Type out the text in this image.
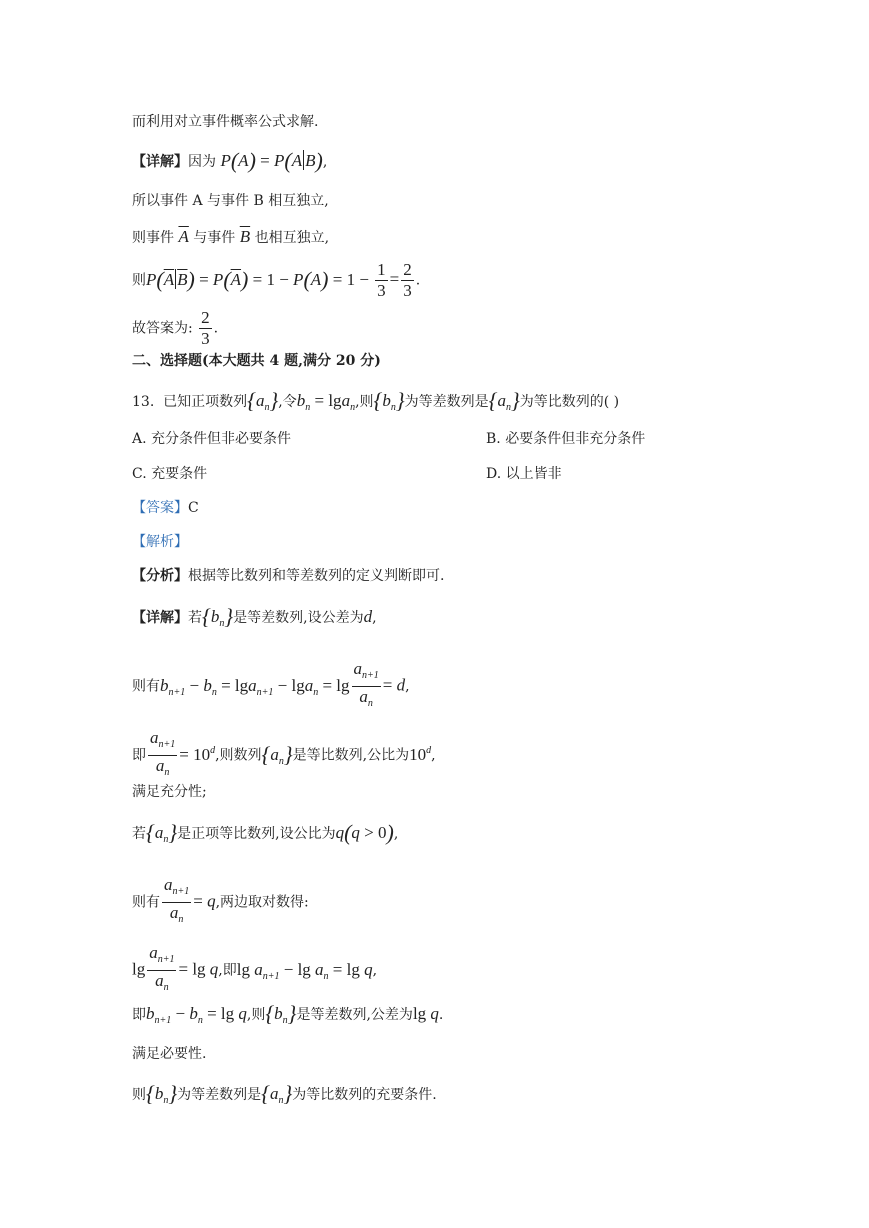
而利用对立事件概率公式求解.
【详解】因为 P(A) = P(A B),
所以事件 A 与事件 B 相互独立,
则事件 $\overline{A}$ 与事件 $\overline{B}$ 也相互独立,
则$P(\overline{A}$ $\overline{B}) = P(\overline{A}) = 1 - P(A) = 1 - \frac{1}{3} = \frac{2}{3}$ .
故答案为: $\frac{2}{3}$ .
二、选择题(本大题共 4 题,满分 20 分)
13. 已知正项数列$\{a_n\}$,令$b_n = \lg a_n$,则$\{b_n\}$为等差数列是$\{a_n\}$为等比数列的( )
A. 充分条件但非必要条件	B. 必要条件但非充分条件
C. 充要条件	D. 以上皆非
【答案】C
【解析】
【分析】根据等比数列和等差数列的定义判断即可.
【详解】若$\{b_n\}$是等差数列,设公差为d,
则有$b_{n+1} - b_n = \lg a_{n+1} - \lg a_n = \lg \frac{a_{n+1}}{a_n} = d$,
即 $\frac{a_{n+1}}{a_n} = 10^d$,则数列$\{a_n\}$是等比数列,公比为10$^d$,
满足充分性;
若$\{a_n\}$是正项等比数列,设公比为q(q > 0),
则有 $\frac{a_{n+1}}{a_n} = q$,两边取对数得:
$\lg \frac{a_{n+1}}{a_n} = \lg q$,即$\lg a_{n+1} - \lg a_n = \lg q$,
即$b_{n+1} - b_n = \lg q$,则$\{b_n\}$是等差数列,公差为lg q.
满足必要性.
则$\{b_n\}$为等差数列是$\{a_n\}$为等比数列的充要条件.
